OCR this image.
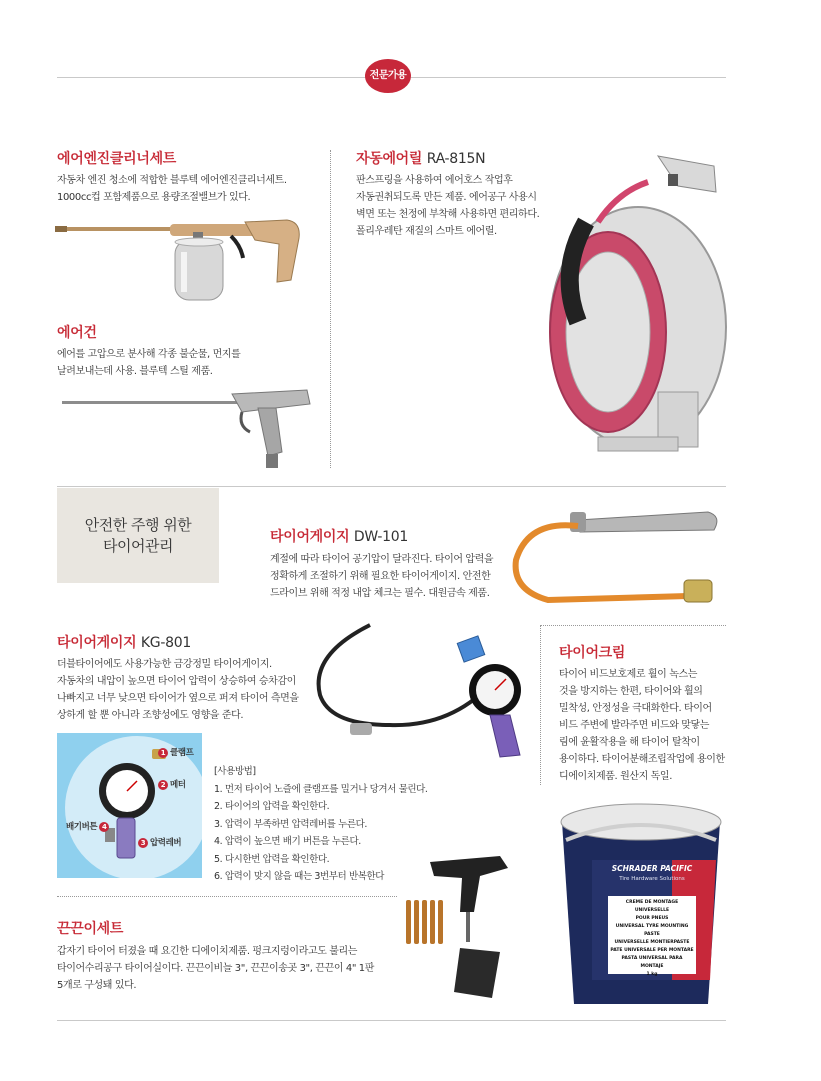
전문가용
에어엔진클리너세트

자동차 엔진 청소에 적합한 블루텍 에어엔진클리너세트.

1000cc컵 포함제품으로 용량조절밸브가 있다.

에어건

에어를 고압으로 분사해 각종 불순물, 먼지를

날려보내는데 사용. 블루텍 스틸 제품.

자동에어릴 RA-815N

판스프링을 사용하여 에어호스 작업후

자동권취되도록 만든 제품. 에어공구 사용시

벽면 또는 천정에 부착해 사용하면 편리하다.

폴리우레탄 재질의 스마트 에어릴.

안전한 주행 위한
타이어관리	타이어게이지 DW-101

계절에 따라 타이어 공기압이 달라진다. 타이어 압력을

정확하게 조절하기 위해 필요한 타이어게이지. 안전한

드라이브 위해 적정 내압 체크는 필수. 대원금속 제품.

타이어게이지 KG-801

더블타이어에도 사용가능한 금강정밀 타이어게이지.

자동차의 내압이 높으면 타이어 압력이 상승하여 승차감이

나빠지고 너무 낮으면 타이어가 옆으로 퍼져 타이어 측면을

상하게 할 뿐 아니라 조향성에도 영향을 준다.

1 클램프
2 메터
배기버튼 4
3 압력레버

[사용방법]

1. 먼저 타이어 노즐에 클램프를 밀거나 당겨서 물린다.

2. 타이어의 압력을 확인한다.

3. 압력이 부족하면 압력레버를 누른다.

4. 압력이 높으면 배기 버튼을 누른다.

5. 다시한번 압력을 확인한다.

6. 압력이 맞지 않을 때는 3번부터 반복한다

타이어크림

타이어 비드보호제로 휠이 녹스는

것을 방지하는 한편, 타이어와 휠의

밀착성, 안정성을 극대화한다. 타이어

비드 주변에 발라주면 비드와 맞닿는

림에 윤활작용을 해 타이어 탈착이

용이하다. 타이어분해조립작업에 용이한

디에이치제품. 원산지 독일.

SCHRADER PACIFIC
Tire Hardware Solutions
CREME DE MONTAGE UNIVERSELLE
POUR PNEUS
UNIVERSAL TYRE MOUNTING PASTE
UNIVERSELLE MONTIERPASTE
PATE UNIVERSALE PER MONTARE
PASTA UNIVERSAL PARA MONTAJE
1 kg
끈끈이세트

갑자기 타이어 터졌을 때 요긴한 디에이치제품. 펑크지렁이라고도 불리는

타이어수리공구 타이어실이다. 끈끈이비늘 3", 끈끈이송곳 3", 끈끈이 4" 1판

5개로 구성돼 있다.
